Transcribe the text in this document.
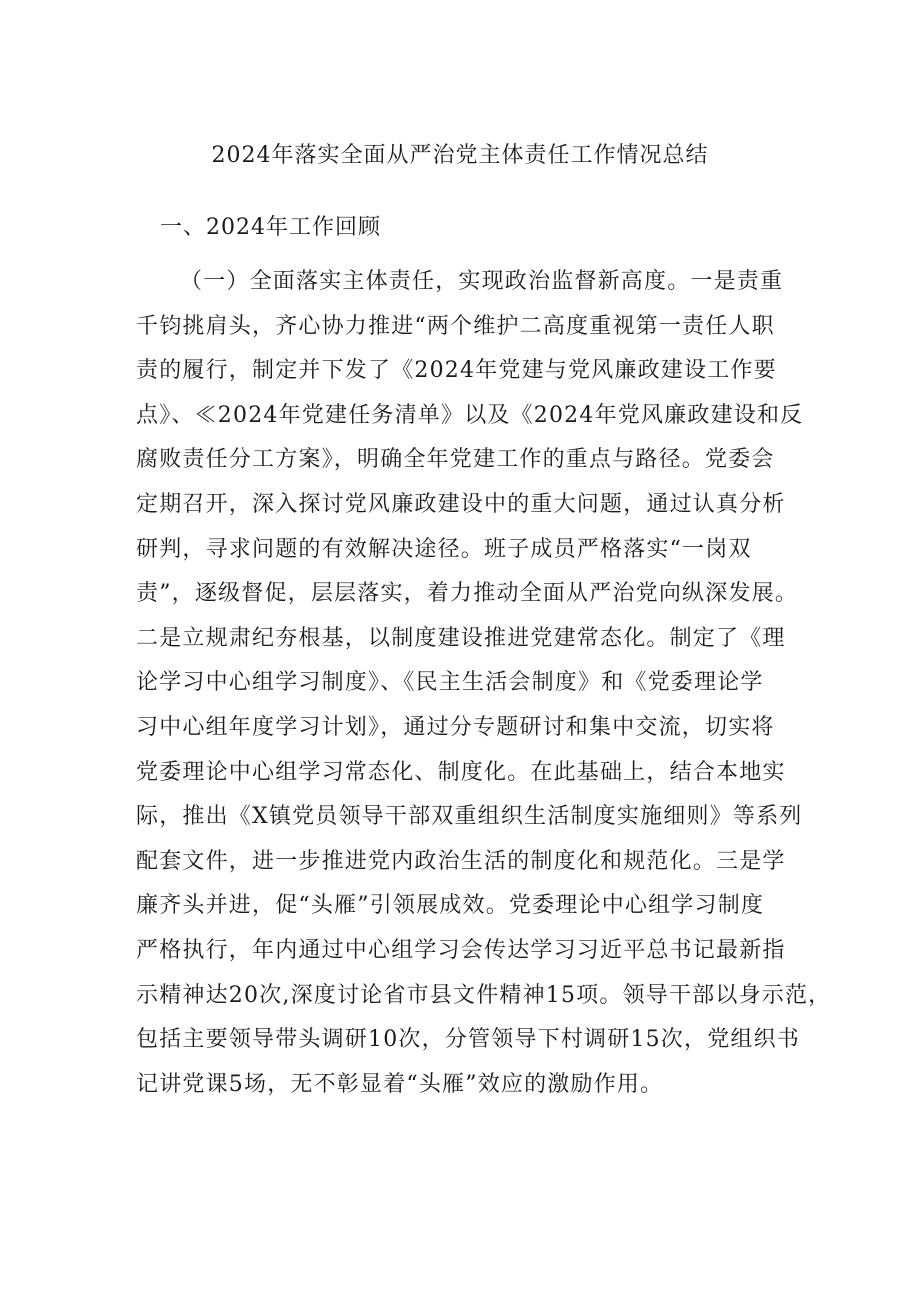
2024年落实全面从严治党主体责任工作情况总结
一、2024年工作回顾
（一）全面落实主体责任，实现政治监督新高度。一是责重
千钧挑肩头，齐心协力推进“两个维护二高度重视第一责任人职
责的履行，制定并下发了《2024年党建与党风廉政建设工作要
点》、≪2024年党建任务清单》以及《2024年党风廉政建设和反
腐败责任分工方案》，明确全年党建工作的重点与路径。党委会
定期召开，深入探讨党风廉政建设中的重大问题，通过认真分析
研判，寻求问题的有效解决途径。班子成员严格落实“一岗双
责”，逐级督促，层层落实，着力推动全面从严治党向纵深发展。
二是立规肃纪夯根基，以制度建设推进党建常态化。制定了《理
论学习中心组学习制度》、《民主生活会制度》和《党委理论学
习中心组年度学习计划》，通过分专题研讨和集中交流，切实将
党委理论中心组学习常态化、制度化。在此基础上，结合本地实
际，推出《X镇党员领导干部双重组织生活制度实施细则》等系列
配套文件，进一步推进党内政治生活的制度化和规范化。三是学
廉齐头并进，促“头雁”引领展成效。党委理论中心组学习制度
严格执行，年内通过中心组学习会传达学习习近平总书记最新指
示精神达20次,深度讨论省市县文件精神15项。领导干部以身示范，
包括主要领导带头调研10次，分管领导下村调研15次，党组织书
记讲党课5场，无不彰显着“头雁”效应的激励作用。
